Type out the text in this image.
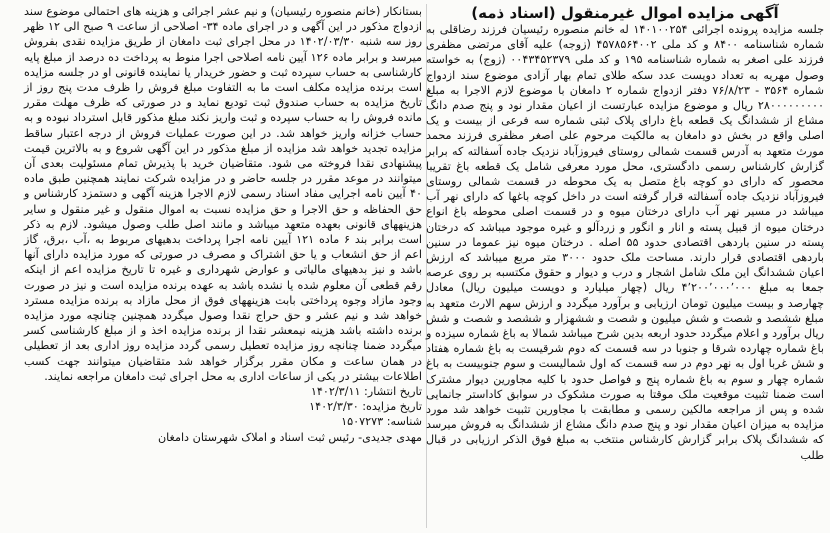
آگهی مزایده اموال غیرمنقول (اسناد ذمه)

جلسه مزایده پرونده اجرائی ۱۴۰۱۰۰۲۵۴ له خانم منصوره رئیسیان فرزند رضاقلی به شماره شناسنامه ۸۴۰۰ و کد ملی ۴۵۷۸۵۶۴۰۰۲ (زوجه) علیه آقای مرتضی مظفری فرزند علی اصغر به شماره شناسنامه ۱۹۵ و کد ملی ۰۰۴۳۴۵۲۳۷۹ (زوج) به خواسته وصول مهریه به تعداد دویست عدد سکه طلای تمام بهار آزادی موضوع سند ازدواج شماره ۳۵۶۴ - ۷۶/۸/۲۳ دفتر ازدواج شماره ۲ دامغان با موضوع لازم الاجرا به مبلغ ۲۸۰۰۰۰۰۰۰۰۰ ریال و موضوع مزایده عبارتست از اعیان مقدار نود و پنج صدم دانگ مشاع از ششدانگ یک قطعه باغ دارای پلاک ثبتی شماره سه فرعی از بیست و یک اصلی واقع در بخش دو دامغان به مالکیت مرحوم علی اصغر مظفری فرزند محمد مورث متعهد به آدرس قسمت شمالی روستای فیروزآباد نزدیک جاده آسفالته که برابر گزارش کارشناس رسمی دادگستری، محل مورد معرفی شامل یک قطعه باغ تقریبا محصور که دارای دو کوچه باغ متصل به یک محوطه در قسمت شمالی روستای فیروزآباد نزدیک جاده آسفالته قرار گرفته است در داخل کوچه باغها که دارای نهر آب میباشد در مسیر نهر آب دارای درختان میوه و در قسمت اصلی محوطه باغ انواع درختان میوه از قبیل پسته و انار و انگور و زردآلو و غیره موجود میباشد که درختان پسته در سنین باردهی اقتصادی حدود ۵۵ اصله . درختان میوه نیز عموما در سنین باردهی اقتصادی قرار دارند. مساحت ملک حدود ۳۰۰۰ متر مربع میباشد که ارزش اعیان ششدانگ این ملک شامل اشجار و درب و دیوار و حقوق مکتسبه بر روی عرصه جمعا به مبلغ ۴٬۲۰۰٬۰۰۰٬۰۰۰ ریال (چهار میلیارد و دویست میلیون ریال) معادل چهارصد و بیست میلیون تومان ارزیابی و برآورد میگردد و ارزش سهم الارث متعهد به مبلغ ششصد و شصت و شش میلیون و شصت و ششهزار و ششصد و شصت و شش ریال برآورد و اعلام میگردد حدود اربعه بدین شرح میباشد شمالا به باغ شماره سیزده و باغ شماره چهارده شرقا و جنوبا در سه قسمت که دوم شرقیست به باغ شماره هفتاد و شش غربا اول به نهر دوم در سه قسمت که اول شمالیست و سوم جنوبیست به باغ شماره چهار و سوم به باغ شماره پنج و فواصل حدود با کلیه مجاورین دیوار مشترک است ضمنا تثبیت موقعیت ملک موقتا به صورت مشکوک در سوابق کاداستر جانمایی شده و پس از مراجعه مالکین رسمی و مطابقت با مجاورین تثبیت خواهد شد مورد مزایده به میزان اعیان مقدار نود و پنج صدم دانگ مشاع از ششدانگ به فروش میرسد که ششدانگ پلاک برابر گزارش کارشناس منتخب به مبلغ فوق الذکر ارزیابی در قبال طلب

بستانکار (خانم منصوره رئیسیان) و نیم عشر اجرائی و هزینه های احتمالی موضوع سند ازدواج مذکور در این آگهی و در اجرای ماده ۳۴- اصلاحی از ساعت ۹ صبح الی ۱۲ ظهر روز سه شنبه ۱۴۰۲/۰۳/۳۰ در محل اجرای ثبت دامغان از طریق مزایده نقدی بفروش میرسد و برابر ماده ۱۲۶ آیین نامه اصلاحی اجرا منوط به پرداخت ده درصد از مبلغ پایه کارشناسی به حساب سپرده ثبت و حضور خریدار یا نماینده قانونی او در جلسه مزایده است برنده مزایده مکلف است ما به التفاوت مبلغ فروش را ظرف مدت پنج روز از تاریخ مزایده به حساب صندوق ثبت تودیع نماید و در صورتی که ظرف مهلت مقرر مانده فروش را به حساب سپرده و ثبت واریز نکند مبلغ مذکور قابل استرداد نبوده و به حساب خزانه واریز خواهد شد. در این صورت عملیات فروش از درجه اعتبار ساقط مزایده تجدید خواهد شد مزایده از مبلغ مذکور در این آگهی شروع و به بالاترین قیمت پیشنهادی نقدا فروخته می شود. متقاضیان خرید با پذیرش تمام مسئولیت بعدی آن میتوانند در موعد مقرر در جلسه حاضر و در مزایده شرکت نمایند همچنین طبق ماده ۴۰ آیین نامه اجرایی مفاد اسناد رسمی لازم الاجرا هزینه آگهی و دستمزد کارشناس و حق الحفاظه و حق الاجرا و حق مزایده نسبت به اموال منقول و غیر منقول و سایر هزینههای قانونی بعهده متعهد میباشد و مانند اصل طلب وصول میشود. لازم به ذکر است برابر بند ۶ ماده ۱۲۱ آیین نامه اجرا پرداخت بدهیهای مربوط به ،آب ،برق، گاز اعم از حق انشعاب و یا حق اشتراک و مصرف در صورتی که مورد مزایده دارای آنها باشد و نیز بدهیهای مالیاتی و عوارض شهرداری و غیره تا تاریخ مزایده اعم از اینکه رقم قطعی آن معلوم شده یا نشده باشد به عهده برنده مزایده است و نیز در صورت وجود مازاد وجوه پرداختی بابت هزینههای فوق از محل مازاد به برنده مزایده مسترد خواهد شد و نیم عشر و حق حراج نقدا وصول میگردد همچنین چنانچه مورد مزایده برنده داشته باشد هزینه نیمعشر نقدا از برنده مزایده اخذ و از مبلغ کارشناسی کسر میگردد ضمنا چنانچه روز مزایده تعطیل رسمی گردد مزایده روز اداری بعد از تعطیلی در همان ساعت و مکان مقرر برگزار خواهد شد متقاضیان میتوانند جهت کسب اطلاعات بیشتر در یکی از ساعات اداری به محل اجرای ثبت دامغان مراجعه نمایند.

تاریخ انتشار: ۱۴۰۲/۳/۱۱

تاریخ مزایده: ۱۴۰۲/۳/۳۰

شناسه: ۱۵۰۷۲۷۳

مهدی جدیدی- رئیس ثبت اسناد و املاک شهرستان دامغان
